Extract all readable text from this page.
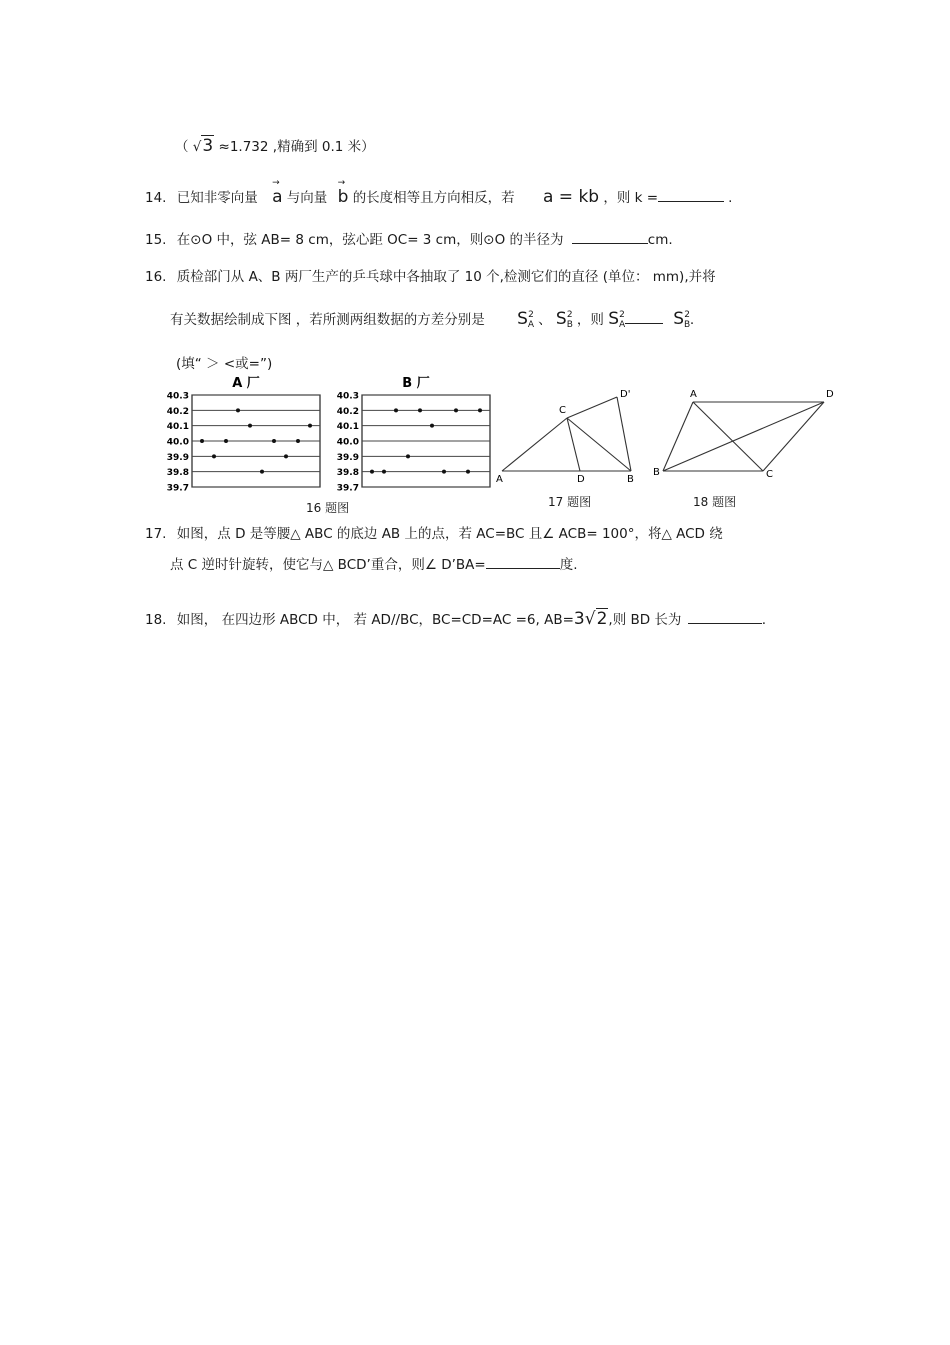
（ √3 ≈1.732 ,精确到 0.1 米）
14. 已知非零向量 → a 与向量 → b 的长度相等且方向相反，若 a = kb ，则 k =	.
15. 在⊙O 中，弦 AB= 8 cm，弦心距 OC= 3 cm，则⊙O 的半径为	cm.
16. 质检部门从 A、B 两厂生产的乒乓球中各抽取了 10 个,检测它们的直径 (单位： mm),并将
有关数据绘制成下图 ，若所测两组数据的方差分别是 $S_A^2$ 、 $S_B^2$ ，则 $S_A^2$	$S_B^2$.
(填“ ＞ <或=”)
A 厂
40.3
40.2
40.1
40.0
39.9
39.8
39.7
B 厂
40.3
40.2
40.1
40.0
39.9
39.8
39.7
16 题图
A	D	B
C
D'
17 题图
A	D
B	C
18 题图
17. 如图，点 D 是等腰△ ABC 的底边 AB 上的点，若 AC=BC 且∠ ACB= 100°，将△ ACD 绕
点 C 逆时针旋转，使它与△ BCD’重合，则∠ D’BA=	度.
18. 如图， 在四边形 ABCD 中， 若 AD//BC，BC=CD=AC =6, AB=3√2,则 BD 长为	.
